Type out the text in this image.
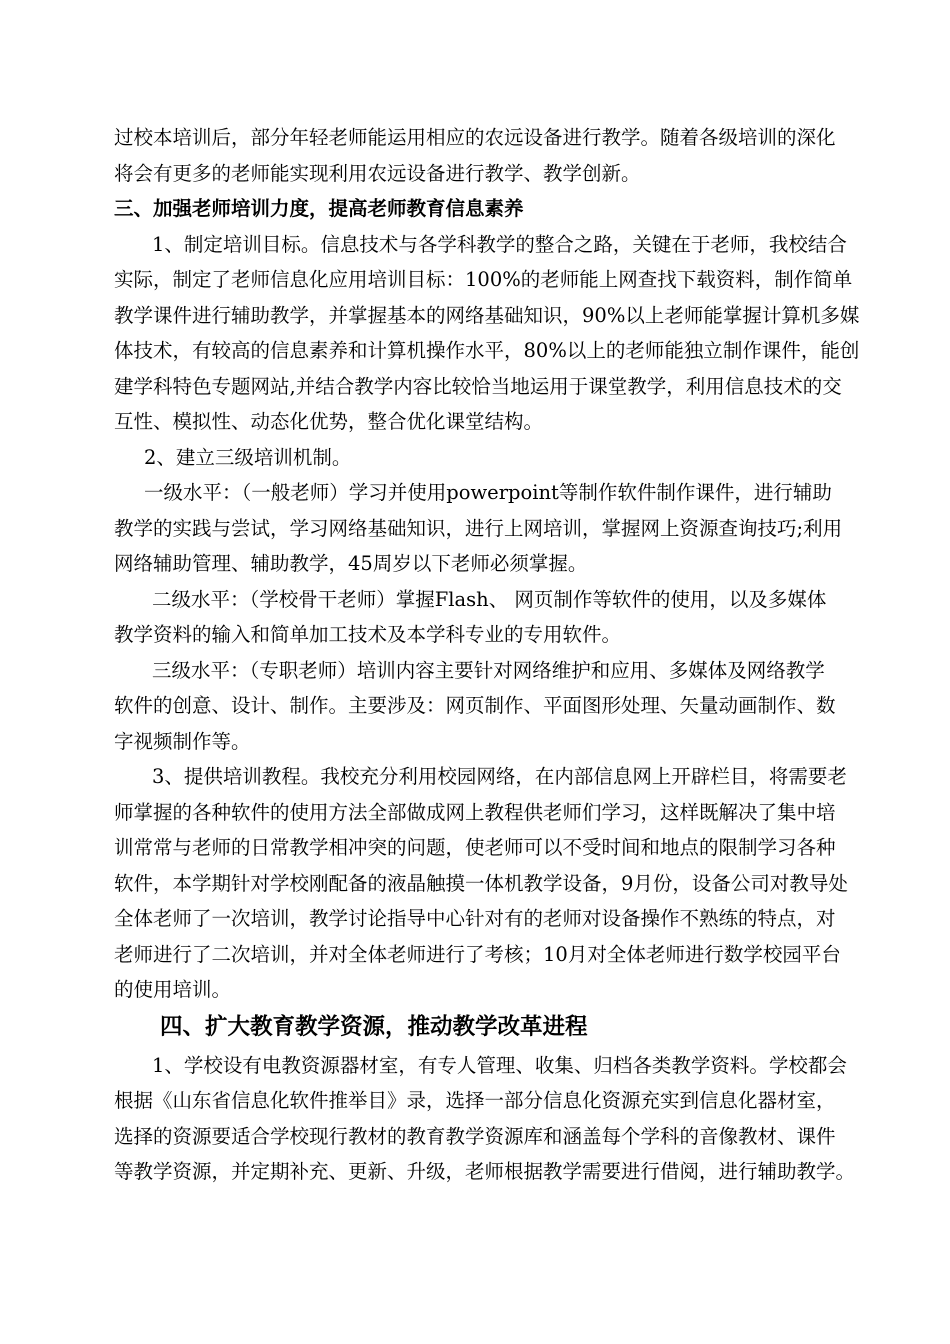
过校本培训后，部分年轻老师能运用相应的农远设备进行教学。随着各级培训的深化
将会有更多的老师能实现利用农远设备进行教学、教学创新。
三、加强老师培训力度，提高老师教育信息素养
1、制定培训目标。信息技术与各学科教学的整合之路，关键在于老师，我校结合
实际，制定了老师信息化应用培训目标：100%的老师能上网查找下载资料，制作简单
教学课件进行辅助教学，并掌握基本的网络基础知识，90%以上老师能掌握计算机多媒
体技术，有较高的信息素养和计算机操作水平，80%以上的老师能独立制作课件，能创
建学科特色专题网站,并结合教学内容比较恰当地运用于课堂教学，利用信息技术的交
互性、模拟性、动态化优势，整合优化课堂结构。
2、建立三级培训机制。
一级水平：（一般老师）学习并使用powerpoint等制作软件制作课件，进行辅助
教学的实践与尝试，学习网络基础知识，进行上网培训，掌握网上资源查询技巧;利用
网络辅助管理、辅助教学，45周岁以下老师必须掌握。
二级水平：（学校骨干老师）掌握Flash、 网页制作等软件的使用，以及多媒体
教学资料的输入和简单加工技术及本学科专业的专用软件。
三级水平：（专职老师）培训内容主要针对网络维护和应用、多媒体及网络教学
软件的创意、设计、制作。主要涉及：网页制作、平面图形处理、矢量动画制作、数
字视频制作等。
3、提供培训教程。我校充分利用校园网络，在内部信息网上开辟栏目，将需要老
师掌握的各种软件的使用方法全部做成网上教程供老师们学习，这样既解决了集中培
训常常与老师的日常教学相冲突的问题，使老师可以不受时间和地点的限制学习各种
软件，本学期针对学校刚配备的液晶触摸一体机教学设备，9月份，设备公司对教导处
全体老师了一次培训，教学讨论指导中心针对有的老师对设备操作不熟练的特点，对
老师进行了二次培训，并对全体老师进行了考核；10月对全体老师进行数学校园平台
的使用培训。
四、扩大教育教学资源，推动教学改革进程
1、学校设有电教资源器材室，有专人管理、收集、归档各类教学资料。学校都会
根据《山东省信息化软件推举目》录，选择一部分信息化资源充实到信息化器材室，
选择的资源要适合学校现行教材的教育教学资源库和涵盖每个学科的音像教材、课件
等教学资源，并定期补充、更新、升级，老师根据教学需要进行借阅，进行辅助教学。
